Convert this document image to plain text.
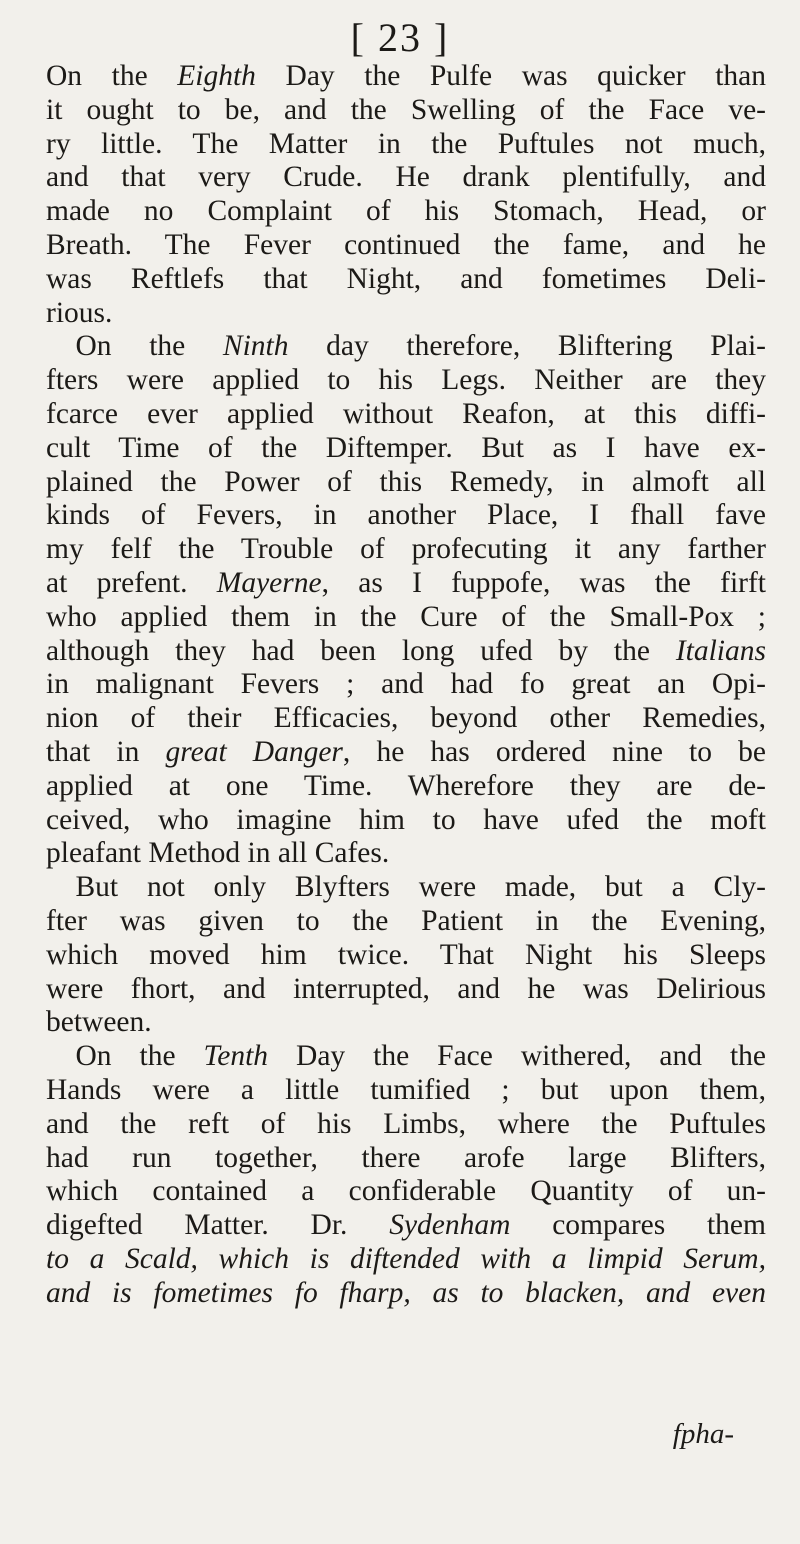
[ 23 ]
On the Eighth Day the Pulfe was quicker than
it ought to be, and the Swelling of the Face ve-
ry little. The Matter in the Puftules not much,
and that very Crude. He drank plentifully, and
made no Complaint of his Stomach, Head, or
Breath. The Fever continued the fame, and he
was Reftlefs that Night, and fometimes Deli-
rious.
 On the Ninth day therefore, Bliftering Plai-
fters were applied to his Legs. Neither are they
fcarce ever applied without Reafon, at this diffi-
cult Time of the Diftemper. But as I have ex-
plained the Power of this Remedy, in almoft all
kinds of Fevers, in another Place, I fhall fave
my felf the Trouble of profecuting it any farther
at prefent. Mayerne, as I fuppofe, was the firft
who applied them in the Cure of the Small-Pox ;
although they had been long ufed by the Italians
in malignant Fevers ; and had fo great an Opi-
nion of their Efficacies, beyond other Remedies,
that in great Danger, he has ordered nine to be
applied at one Time. Wherefore they are de-
ceived, who imagine him to have ufed the moft
pleafant Method in all Cafes.
 But not only Blyfters were made, but a Cly-
fter was given to the Patient in the Evening,
which moved him twice. That Night his Sleeps
were fhort, and interrupted, and he was Delirious
between.
 On the Tenth Day the Face withered, and the
Hands were a little tumified ; but upon them,
and the reft of his Limbs, where the Puftules
had run together, there arofe large Blifters,
which contained a confiderable Quantity of un-
digefted Matter. Dr. Sydenham compares them
to a Scald, which is diftended with a limpid Serum,
and is fometimes fo fharp, as to blacken, and even
fpha-
